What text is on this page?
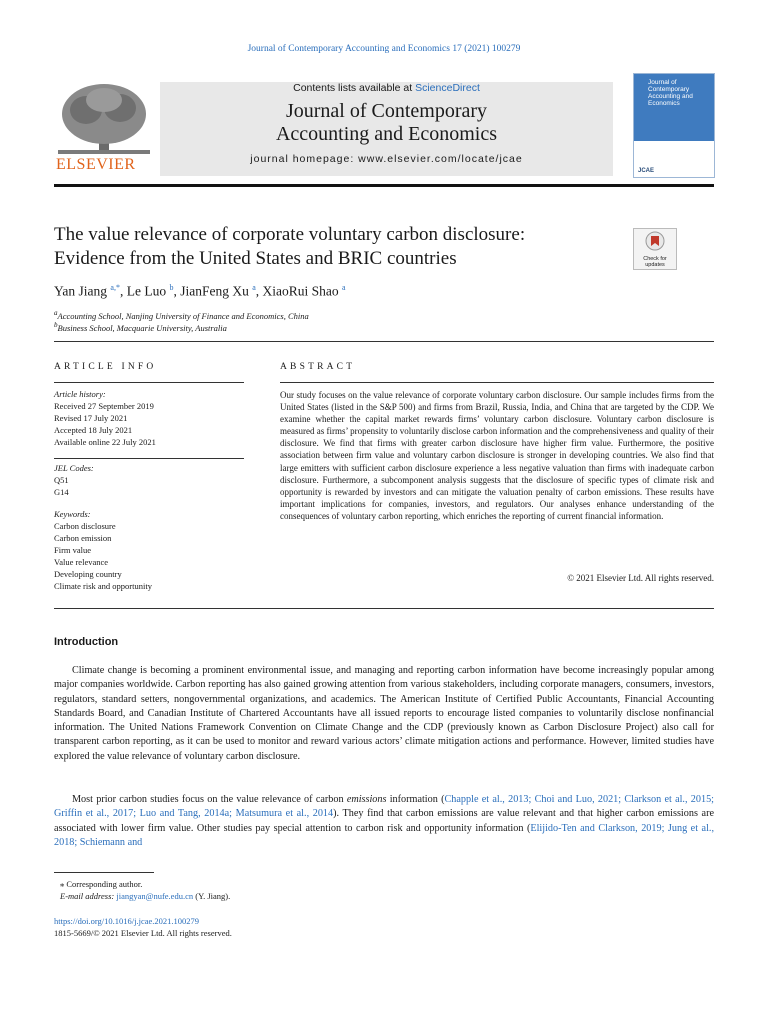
Journal of Contemporary Accounting and Economics 17 (2021) 100279
ELSEVIER
Contents lists available at ScienceDirect
Journal of Contemporary
Accounting and Economics
journal homepage: www.elsevier.com/locate/jcae
Journal of Contemporary Accounting and Economics
JCAE
The value relevance of corporate voluntary carbon disclosure:
Evidence from the United States and BRIC countries	Check for updates
Yan Jiang $^{a,*}$, Le Luo $^b$, JianFeng Xu $^a$, XiaoRui Shao $^a$
$^a$Accounting School, Nanjing University of Finance and Economics, China
$^b$Business School, Macquarie University, Australia
ARTICLE INFO
Article history:
Received 27 September 2019
Revised 17 July 2021
Accepted 18 July 2021
Available online 22 July 2021
JEL Codes:
Q51
G14
Keywords:
Carbon disclosure
Carbon emission
Firm value
Value relevance
Developing country
Climate risk and opportunity
ABSTRACT
Our study focuses on the value relevance of corporate voluntary carbon disclosure. Our sample includes firms from the United States (listed in the S&P 500) and firms from Brazil, Russia, India, and China that are targeted by the CDP. We examine whether the capital market rewards firms’ voluntary carbon disclosure. Voluntary carbon disclosure is measured as firms’ propensity to voluntarily disclose carbon information and the comprehensiveness and quality of their disclosure. We find that firms with greater carbon disclosure have higher firm value. Furthermore, the positive association between firm value and voluntary carbon disclosure is stronger in developing countries. We also find that large emitters with sufficient carbon disclosure experience a less negative valuation than firms with inadequate carbon disclosure. Furthermore, a subcomponent analysis suggests that the disclosure of specific types of climate risk and opportunity is rewarded by investors and can mitigate the valuation penalty of carbon emissions. These results have important implications for companies, investors, and regulators. Our analyses enhance understanding of the consequences of voluntary carbon reporting, which enriches the reporting of current financial information.
© 2021 Elsevier Ltd. All rights reserved.
Introduction
Climate change is becoming a prominent environmental issue, and managing and reporting carbon information have become increasingly popular among major companies worldwide. Carbon reporting has also gained growing attention from various stakeholders, including corporate managers, consumers, investors, regulators, standard setters, nongovernmental organizations, and academics. The American Institute of Certified Public Accountants, Financial Accounting Standards Board, and Canadian Institute of Chartered Accountants have all issued reports to encourage listed companies to voluntarily disclose nonfinancial information. The United Nations Framework Convention on Climate Change and the CDP (previously known as Carbon Disclosure Project) also call for transparent carbon reporting, as it can be used to monitor and reward various actors’ climate mitigation actions and performance. However, limited studies have explored the value relevance of voluntary carbon disclosure.
Most prior carbon studies focus on the value relevance of carbon emissions information (Chapple et al., 2013; Choi and Luo, 2021; Clarkson et al., 2015; Griffin et al., 2017; Luo and Tang, 2014a; Matsumura et al., 2014). They find that carbon emissions are value relevant and that higher carbon emissions are associated with lower firm value. Other studies pay special attention to carbon risk and opportunity information (Elijido-Ten and Clarkson, 2019; Jung et al., 2018; Schiemann and
⁎ Corresponding author.
E-mail address: jiangyan@nufe.edu.cn (Y. Jiang).
https://doi.org/10.1016/j.jcae.2021.100279
1815-5669/© 2021 Elsevier Ltd. All rights reserved.
